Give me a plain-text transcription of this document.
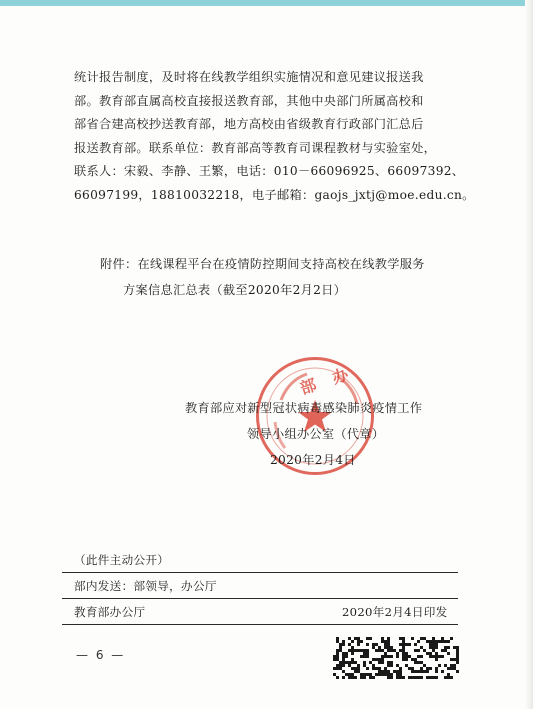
统计报告制度，及时将在线教学组织实施情况和意见建议报送我
部。教育部直属高校直接报送教育部，其他中央部门所属高校和
部省合建高校抄送教育部，地方高校由省级教育行政部门汇总后
报送教育部。联系单位：教育部高等教育司课程教材与实验室处，
联系人：宋毅、李静、王繁，电话：010－66096925、66097392、
66097199，18810032218，电子邮箱：gaojs_jxtj@moe.edu.cn。
附件：在线课程平台在疫情防控期间支持高校在线教学服务
方案信息汇总表（截至2020年2月2日）
部 办
教育部应对新型冠状病毒感染肺炎疫情工作
领导小组办公室（代章）
2020年2月4日
（此件主动公开）
部内发送：部领导，办公厅
教育部办公厅	2020年2月4日印发
— 6 —
